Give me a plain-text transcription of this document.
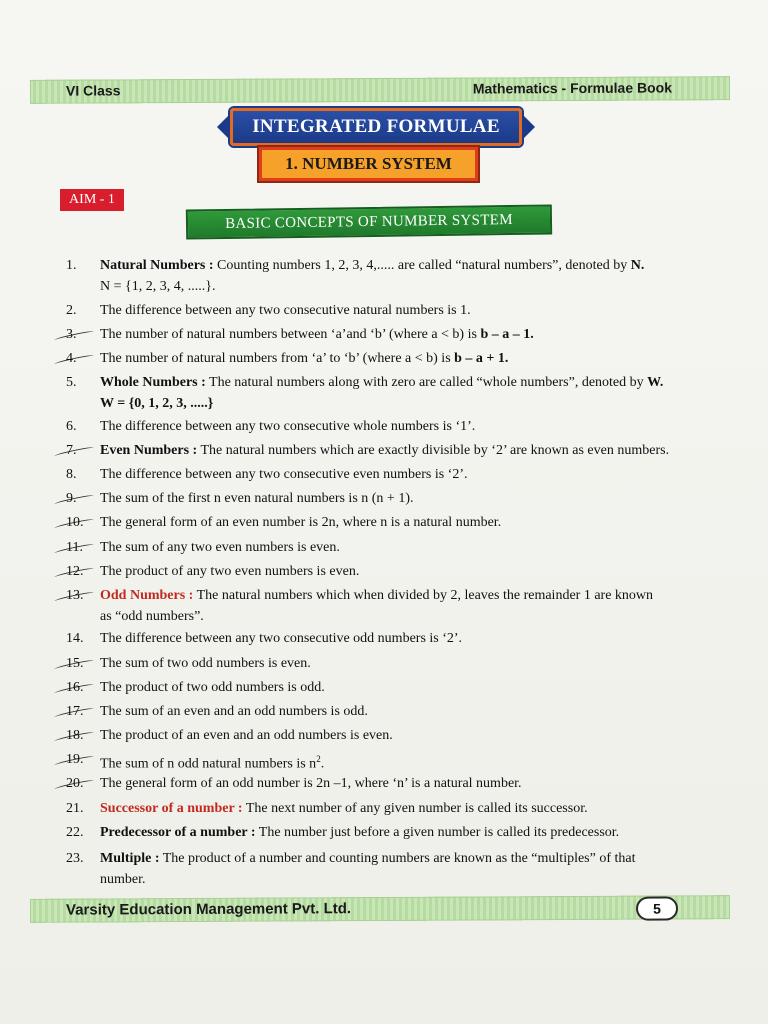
VI Class	Mathematics - Formulae Book
INTEGRATED FORMULAE
1. NUMBER SYSTEM
AIM - 1
BASIC CONCEPTS OF NUMBER SYSTEM
1.	Natural Numbers : Counting numbers 1, 2, 3, 4,..... are called “natural numbers”, denoted by N.
N = {1, 2, 3, 4, .....}.
2.	The difference between any two consecutive natural numbers is 1.
3.	The number of natural numbers between ‘a’and ‘b’ (where a < b) is b – a – 1.
4.	The number of natural numbers from ‘a’ to ‘b’ (where a < b) is b – a + 1.
5.	Whole Numbers : The natural numbers along with zero are called “whole numbers”, denoted by W.
W = {0, 1, 2, 3, .....}
6.	The difference between any two consecutive whole numbers is ‘1’.
7.	Even Numbers : The natural numbers which are exactly divisible by ‘2’ are known as even numbers.
8.	The difference between any two consecutive even numbers is ‘2’.
9.	The sum of the first n even natural numbers is n (n + 1).
10.	The general form of an even number is 2n, where n is a natural number.
11.	The sum of any two even numbers is even.
12.	The product of any two even numbers is even.
13.	Odd Numbers : The natural numbers which when divided by 2, leaves the remainder 1 are known
as “odd numbers”.
14.	The difference between any two consecutive odd numbers is ‘2’.
15.	The sum of two odd numbers is even.
16.	The product of two odd numbers is odd.
17.	The sum of an even and an odd numbers is odd.
18.	The product of an even and an odd numbers is even.
19.	The sum of n odd natural numbers is $n^2$.
20.	The general form of an odd number is 2n –1, where ‘n’ is a natural number.
21.	Successor of a number : The next number of any given number is called its successor.
22.	Predecessor of a number : The number just before a given number is called its predecessor.
23.	Multiple : The product of a number and counting numbers are known as the “multiples” of that
number.
Varsity Education Management Pvt. Ltd.	5
